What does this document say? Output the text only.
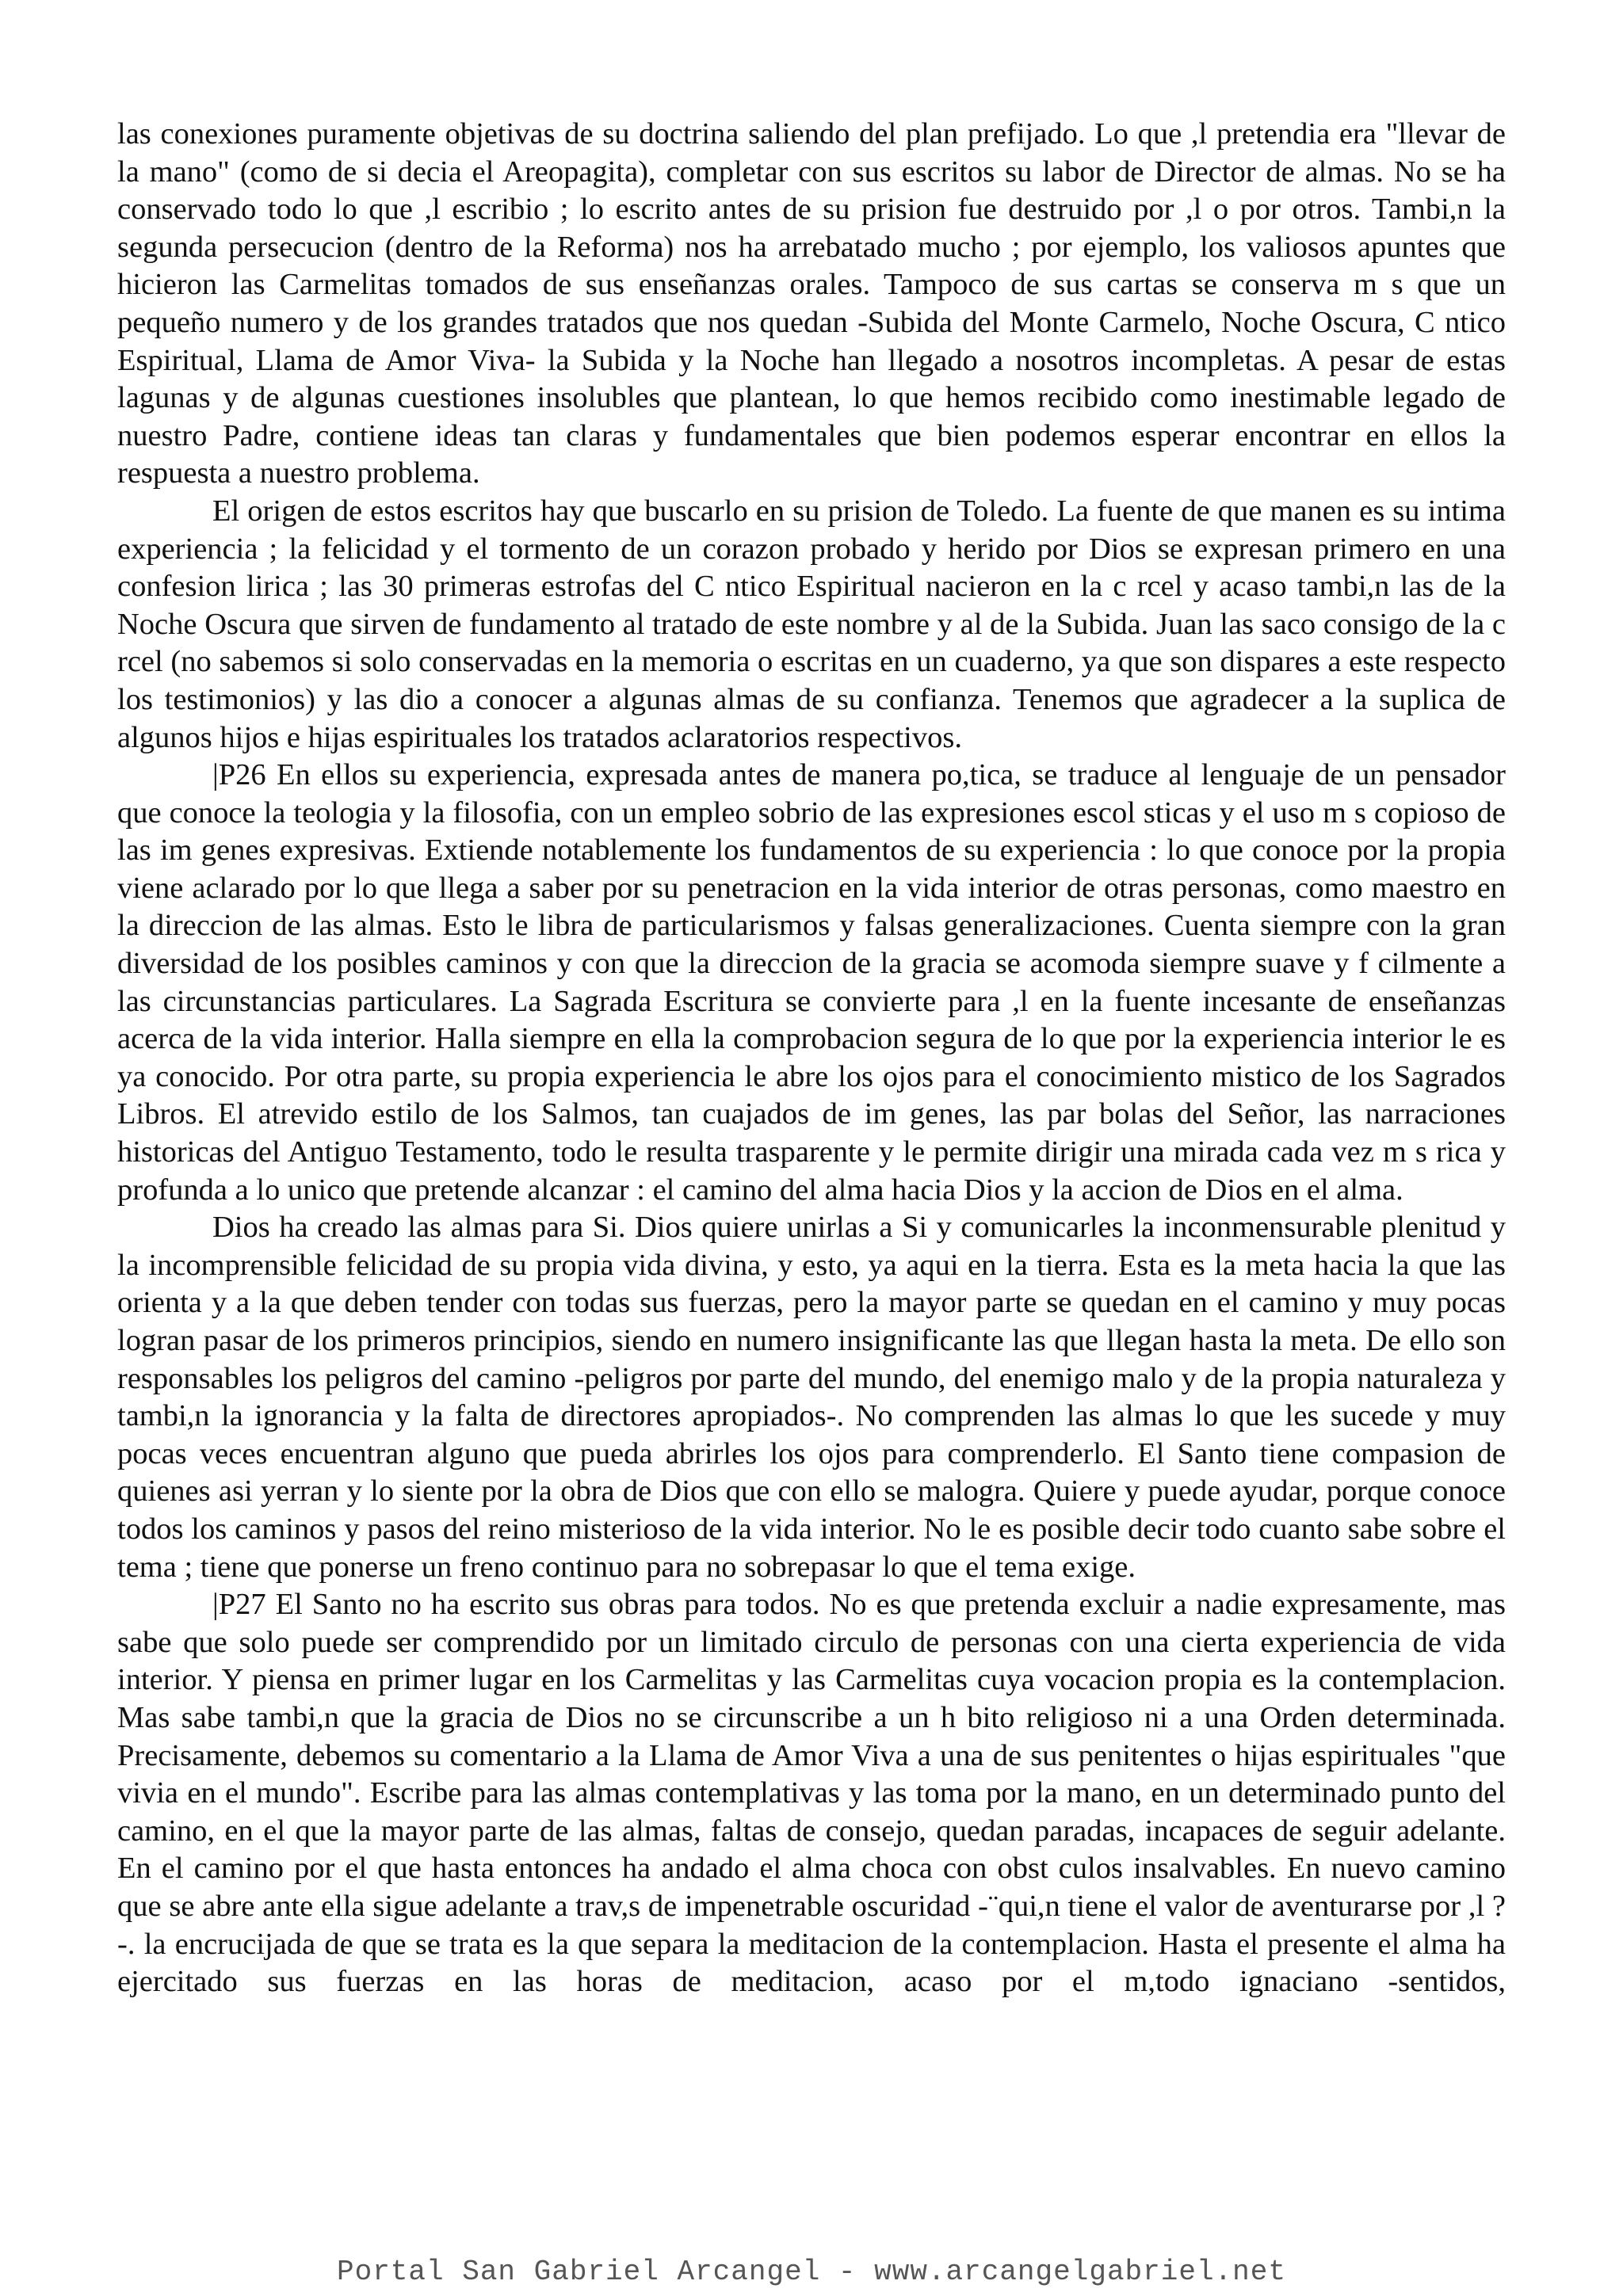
las conexiones puramente objetivas de su doctrina saliendo del plan prefijado. Lo que ,l pretendia era "llevar de la mano" (como de si decia el Areopagita), completar con sus escritos su labor de Director de almas. No se ha conservado todo lo que ,l escribio ; lo escrito antes de su prision fue destruido por ,l o por otros. Tambi,n la segunda persecucion (dentro de la Reforma) nos ha arrebatado mucho ; por ejemplo, los valiosos apuntes que hicieron las Carmelitas tomados de sus enseñanzas orales. Tampoco de sus cartas se conserva m s que un pequeño numero y de los grandes tratados que nos quedan -Subida del Monte Carmelo, Noche Oscura, C ntico Espiritual, Llama de Amor Viva- la Subida y la Noche han llegado a nosotros incompletas. A pesar de estas lagunas y de algunas cuestiones insolubles que plantean, lo que hemos recibido como inestimable legado de nuestro Padre, contiene ideas tan claras y fundamentales que bien podemos esperar encontrar en ellos la respuesta a nuestro problema.

El origen de estos escritos hay que buscarlo en su prision de Toledo. La fuente de que manen es su intima experiencia ; la felicidad y el tormento de un corazon probado y herido por Dios se expresan primero en una confesion lirica ; las 30 primeras estrofas del C ntico Espiritual nacieron en la c rcel y acaso tambi,n las de la Noche Oscura que sirven de fundamento al tratado de este nombre y al de la Subida. Juan las saco consigo de la c rcel (no sabemos si solo conservadas en la memoria o escritas en un cuaderno, ya que son dispares a este respecto los testimonios) y las dio a conocer a algunas almas de su confianza. Tenemos que agradecer a la suplica de algunos hijos e hijas espirituales los tratados aclaratorios respectivos.

|P26 En ellos su experiencia, expresada antes de manera po,tica, se traduce al lenguaje de un pensador que conoce la teologia y la filosofia, con un empleo sobrio de las expresiones escol sticas y el uso m s copioso de las im genes expresivas. Extiende notablemente los fundamentos de su experiencia : lo que conoce por la propia viene aclarado por lo que llega a saber por su penetracion en la vida interior de otras personas, como maestro en la direccion de las almas. Esto le libra de particularismos y falsas generalizaciones. Cuenta siempre con la gran diversidad de los posibles caminos y con que la direccion de la gracia se acomoda siempre suave y f cilmente a las circunstancias particulares. La Sagrada Escritura se convierte para ,l en la fuente incesante de enseñanzas acerca de la vida interior. Halla siempre en ella la comprobacion segura de lo que por la experiencia interior le es ya conocido. Por otra parte, su propia experiencia le abre los ojos para el conocimiento mistico de los Sagrados Libros. El atrevido estilo de los Salmos, tan cuajados de im genes, las par bolas del Señor, las narraciones historicas del Antiguo Testamento, todo le resulta trasparente y le permite dirigir una mirada cada vez m s rica y profunda a lo unico que pretende alcanzar : el camino del alma hacia Dios y la accion de Dios en el alma.

Dios ha creado las almas para Si. Dios quiere unirlas a Si y comunicarles la inconmensurable plenitud y la incomprensible felicidad de su propia vida divina, y esto, ya aqui en la tierra. Esta es la meta hacia la que las orienta y a la que deben tender con todas sus fuerzas, pero la mayor parte se quedan en el camino y muy pocas logran pasar de los primeros principios, siendo en numero insignificante las que llegan hasta la meta. De ello son responsables los peligros del camino -peligros por parte del mundo, del enemigo malo y de la propia naturaleza y tambi,n la ignorancia y la falta de directores apropiados-. No comprenden las almas lo que les sucede y muy pocas veces encuentran alguno que pueda abrirles los ojos para comprenderlo. El Santo tiene compasion de quienes asi yerran y lo siente por la obra de Dios que con ello se malogra. Quiere y puede ayudar, porque conoce todos los caminos y pasos del reino misterioso de la vida interior. No le es posible decir todo cuanto sabe sobre el tema ; tiene que ponerse un freno continuo para no sobrepasar lo que el tema exige.

|P27 El Santo no ha escrito sus obras para todos. No es que pretenda excluir a nadie expresamente, mas sabe que solo puede ser comprendido por un limitado circulo de personas con una cierta experiencia de vida interior. Y piensa en primer lugar en los Carmelitas y las Carmelitas cuya vocacion propia es la contemplacion. Mas sabe tambi,n que la gracia de Dios no se circunscribe a un h bito religioso ni a una Orden determinada. Precisamente, debemos su comentario a la Llama de Amor Viva a una de sus penitentes o hijas espirituales "que vivia en el mundo". Escribe para las almas contemplativas y las toma por la mano, en un determinado punto del camino, en el que la mayor parte de las almas, faltas de consejo, quedan paradas, incapaces de seguir adelante. En el camino por el que hasta entonces ha andado el alma choca con obst culos insalvables. En nuevo camino que se abre ante ella sigue adelante a trav,s de impenetrable oscuridad -¨qui,n tiene el valor de aventurarse por ,l ?-. la encrucijada de que se trata es la que separa la meditacion de la contemplacion. Hasta el presente el alma ha ejercitado sus fuerzas en las horas de meditacion, acaso por el m,todo ignaciano -sentidos,

Portal San Gabriel Arcangel - www.arcangelgabriel.net
